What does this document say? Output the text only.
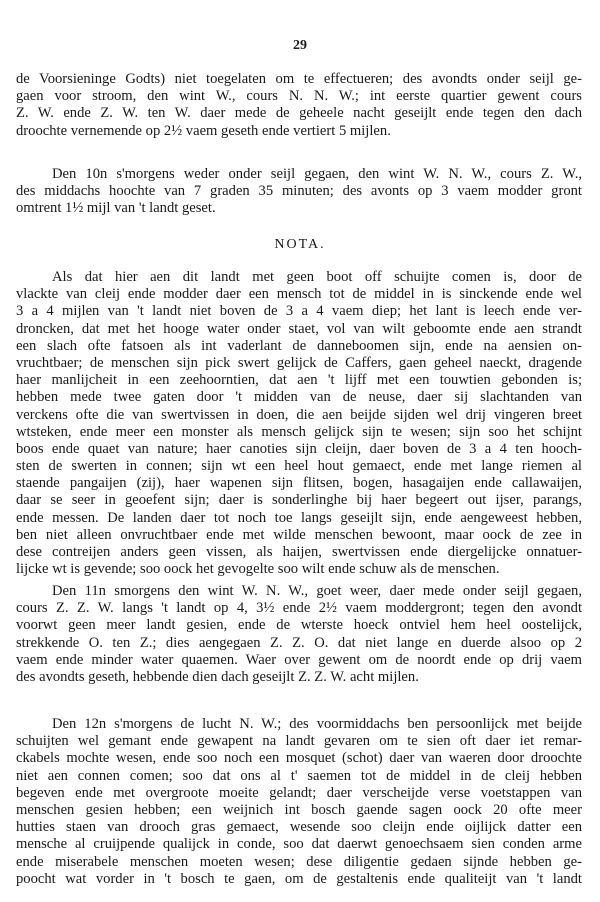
29
NOTA.
de Voorsieninge Godts) niet toegelaten om te effectueren; des avondts onder seijl ge-
gaen voor stroom, den wint W., cours N. N. W.; int eerste quartier gewent cours
Z. W. ende Z. W. ten W. daer mede de geheele nacht geseijlt ende tegen den dach
droochte vernemende op 2½ vaem geseth ende vertiert 5 mijlen.
Den 10n s'morgens weder onder seijl gegaen, den wint W. N. W., cours Z. W.,
des middachs hoochte van 7 graden 35 minuten; des avonts op 3 vaem modder gront
omtrent 1½ mijl van 't landt geset.
Als dat hier aen dit landt met geen boot off schuijte comen is, door de
vlackte van cleij ende modder daer een mensch tot de middel in is sinckende ende wel
3 a 4 mijlen van 't landt niet boven de 3 a 4 vaem diep; het lant is leech ende ver-
droncken, dat met het hooge water onder staet, vol van wilt geboomte ende aen strandt
een slach ofte fatsoen als int vaderlant de danneboomen sijn, ende na aensien on-
vruchtbaer; de menschen sijn pick swert gelijck de Caffers, gaen geheel naeckt, dragende
haer manlijcheit in een zeehoorntien, dat aen 't lijff met een touwtien gebonden is;
hebben mede twee gaten door 't midden van de neuse, daer sij slachtanden van
verckens ofte die van swertvissen in doen, die aen beijde sijden wel drij vingeren breet
wtsteken, ende meer een monster als mensch gelijck sijn te wesen; sijn soo het schijnt
boos ende quaet van nature; haer canoties sijn cleijn, daer boven de 3 a 4 ten hooch-
sten de swerten in connen; sijn wt een heel hout gemaect, ende met lange riemen al
staende pangaijen (zij), haer wapenen sijn flitsen, bogen, hasagaijen ende callawaijen,
daar se seer in geoefent sijn; daer is sonderlinghe bij haer begeert out ijser, parangs,
ende messen. De landen daer tot noch toe langs geseijlt sijn, ende aengeweest hebben,
ben niet alleen onvruchtbaer ende met wilde menschen bewoont, maar oock de zee in
dese contreijen anders geen vissen, als haijen, swertvissen ende diergelijcke onnatuer-
lijcke wt is gevende; soo oock het gevogelte soo wilt ende schuw als de menschen.
Den 11n smorgens den wint W. N. W., goet weer, daer mede onder seijl gegaen,
cours Z. Z. W. langs 't landt op 4, 3½ ende 2½ vaem moddergront; tegen den avondt
voorwt geen meer landt gesien, ende de wterste hoeck ontviel hem heel oostelijck,
strekkende O. ten Z.; dies aengegaen Z. Z. O. dat niet lange en duerde alsoo op 2
vaem ende minder water quaemen. Waer over gewent om de noordt ende op drij vaem
des avondts geseth, hebbende dien dach geseijlt Z. Z. W. acht mijlen.
Den 12n s'morgens de lucht N. W.; des voormiddachs ben persoonlijck met beijde
schuijten wel gemant ende gewapent na landt gevaren om te sien oft daer iet remar-
ckabels mochte wesen, ende soo noch een mosquet (schot) daer van waeren door droochte
niet aen connen comen; soo dat ons al t' saemen tot de middel in de cleij hebben
begeven ende met overgroote moeite gelandt; daer verscheijde verse voetstappen van
menschen gesien hebben; een weijnich int bosch gaende sagen oock 20 ofte meer
hutties staen van drooch gras gemaect, wesende soo cleijn ende oijlijck datter een
mensche al cruijpende qualijck in conde, soo dat daerwt genoechsaem sien conden arme
ende miserabele menschen moeten wesen; dese diligentie gedaen sijnde hebben ge-
poocht wat vorder in 't bosch te gaen, om de gestaltenis ende qualiteijt van 't landt
